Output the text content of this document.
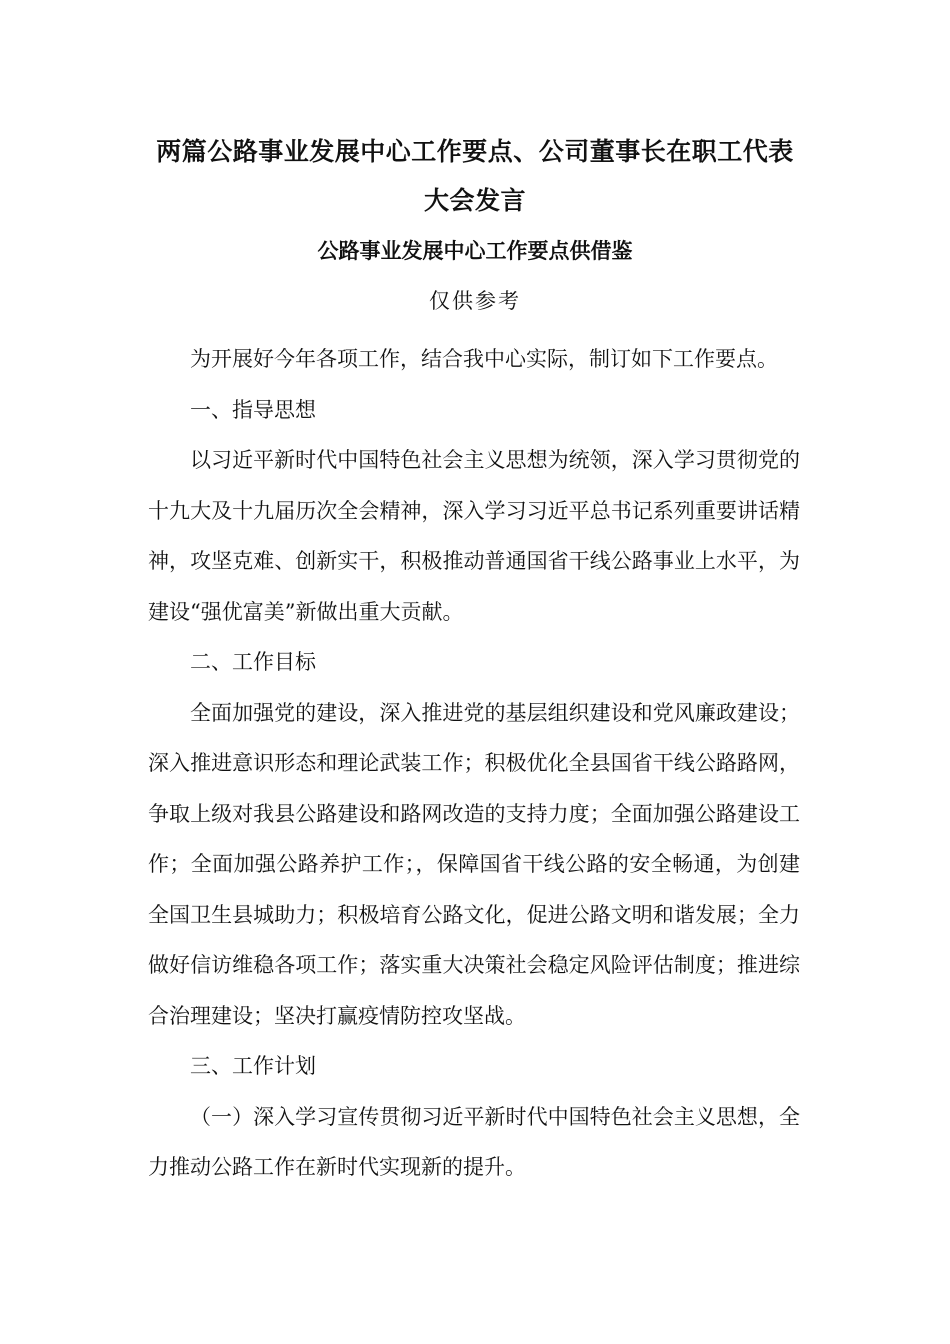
两篇公路事业发展中心工作要点、公司董事长在职工代表
大会发言
公路事业发展中心工作要点供借鉴
仅供参考

为开展好今年各项工作，结合我中心实际，制订如下工作要点。

一、指导思想

以习近平新时代中国特色社会主义思想为统领，深入学习贯彻党的十九大及十九届历次全会精神，深入学习习近平总书记系列重要讲话精神，攻坚克难、创新实干，积极推动普通国省干线公路事业上水平，为建设“强优富美”新做出重大贡献。

二、工作目标

全面加强党的建设，深入推进党的基层组织建设和党风廉政建设；深入推进意识形态和理论武装工作；积极优化全县国省干线公路路网，争取上级对我县公路建设和路网改造的支持力度；全面加强公路建设工作；全面加强公路养护工作；，保障国省干线公路的安全畅通，为创建全国卫生县城助力；积极培育公路文化，促进公路文明和谐发展；全力做好信访维稳各项工作；落实重大决策社会稳定风险评估制度；推进综合治理建设；坚决打赢疫情防控攻坚战。

三、工作计划

（一）深入学习宣传贯彻习近平新时代中国特色社会主义思想，全力推动公路工作在新时代实现新的提升。
